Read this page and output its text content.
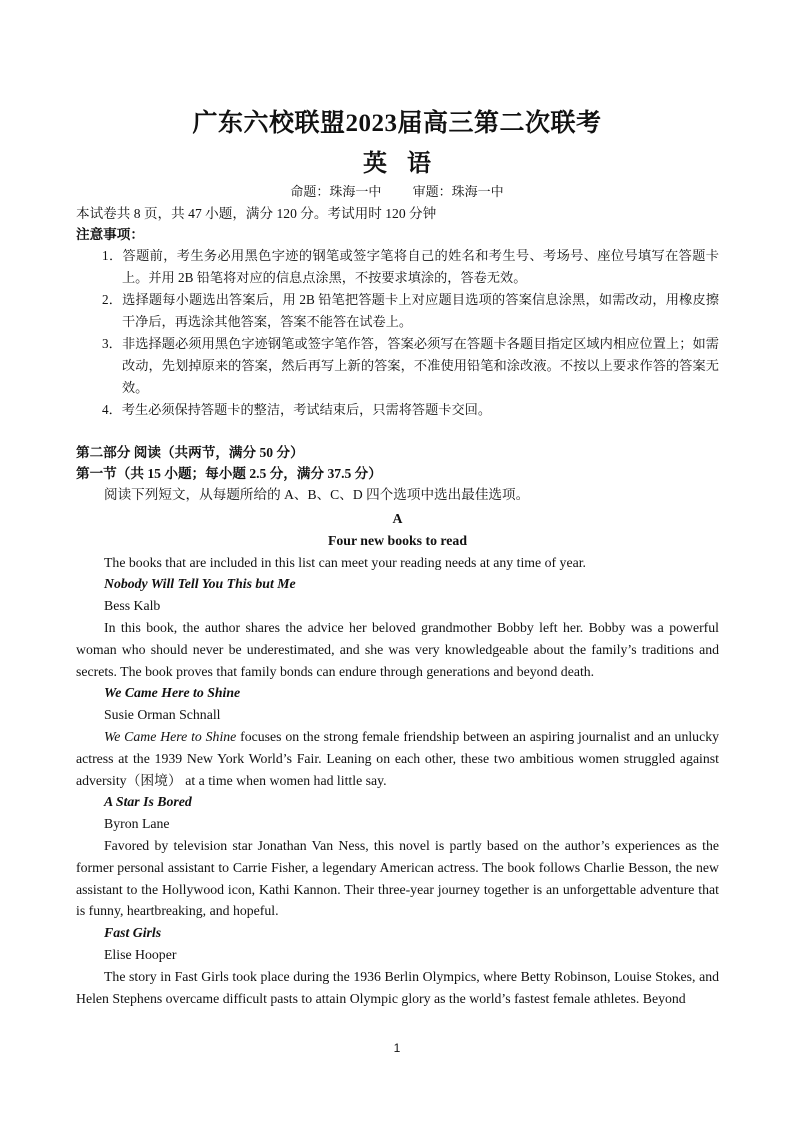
广东六校联盟2023届高三第二次联考
英 语
命题：珠海一中 审题：珠海一中
本试卷共 8 页，共 47 小题，满分 120 分。考试用时 120 分钟
注意事项：
1．答题前，考生务必用黑色字迹的钢笔或签字笔将自己的姓名和考生号、考场号、座位号填写在答题卡上。并用 2B 铅笔将对应的信息点涂黑，不按要求填涂的，答卷无效。
2．选择题每小题选出答案后，用 2B 铅笔把答题卡上对应题目选项的答案信息涂黑，如需改动，用橡皮擦干净后，再选涂其他答案，答案不能答在试卷上。
3．非选择题必须用黑色字迹钢笔或签字笔作答，答案必须写在答题卡各题目指定区域内相应位置上；如需改动，先划掉原来的答案，然后再写上新的答案，不准使用铅笔和涂改液。不按以上要求作答的答案无效。
4．考生必须保持答题卡的整洁，考试结束后，只需将答题卡交回。
第二部分 阅读（共两节，满分 50 分）
第一节（共 15 小题；每小题 2.5 分，满分 37.5 分）
阅读下列短文，从每题所给的 A、B、C、D 四个选项中选出最佳选项。

A

Four new books to read

The books that are included in this list can meet your reading needs at any time of year.

Nobody Will Tell You This but Me

Bess Kalb

In this book, the author shares the advice her beloved grandmother Bobby left her. Bobby was a powerful woman who should never be underestimated, and she was very knowledgeable about the family’s traditions and secrets. The book proves that family bonds can endure through generations and beyond death.

We Came Here to Shine

Susie Orman Schnall

We Came Here to Shine focuses on the strong female friendship between an aspiring journalist and an unlucky actress at the 1939 New York World’s Fair. Leaning on each other, these two ambitious women struggled against adversity（困境） at a time when women had little say.

A Star Is Bored

Byron Lane

Favored by television star Jonathan Van Ness, this novel is partly based on the author’s experiences as the former personal assistant to Carrie Fisher, a legendary American actress. The book follows Charlie Besson, the new assistant to the Hollywood icon, Kathi Kannon. Their three-year journey together is an unforgettable adventure that is funny, heartbreaking, and hopeful.

Fast Girls

Elise Hooper

The story in Fast Girls took place during the 1936 Berlin Olympics, where Betty Robinson, Louise Stokes, and Helen Stephens overcame difficult pasts to attain Olympic glory as the world’s fastest female athletes. Beyond

1
